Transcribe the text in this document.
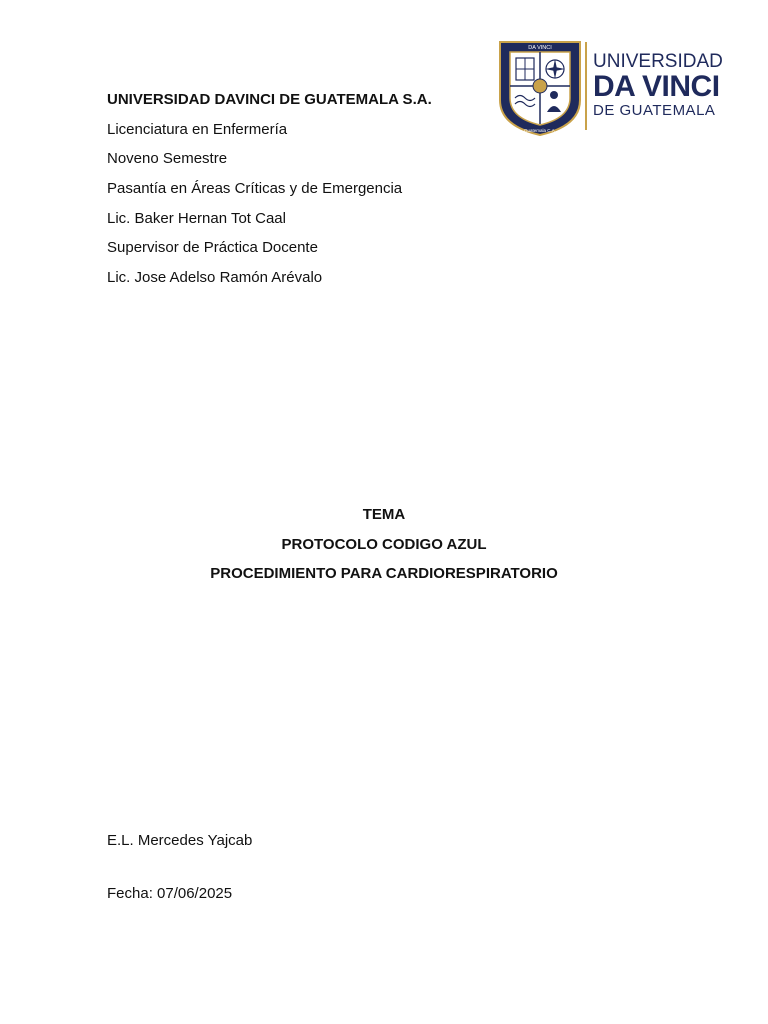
DA VINCI
Guatemala C.A.
UNIVERSIDAD
DA VINCI
DE GUATEMALA
UNIVERSIDAD DAVINCI DE GUATEMALA S.A.
Licenciatura en Enfermería
Noveno Semestre
Pasantía en Áreas Críticas y de Emergencia
Lic. Baker Hernan Tot Caal
Supervisor de Práctica Docente
Lic. Jose Adelso Ramón Arévalo
TEMA
PROTOCOLO CODIGO AZUL
PROCEDIMIENTO PARA CARDIORESPIRATORIO
E.L. Mercedes Yajcab
Fecha: 07/06/2025
